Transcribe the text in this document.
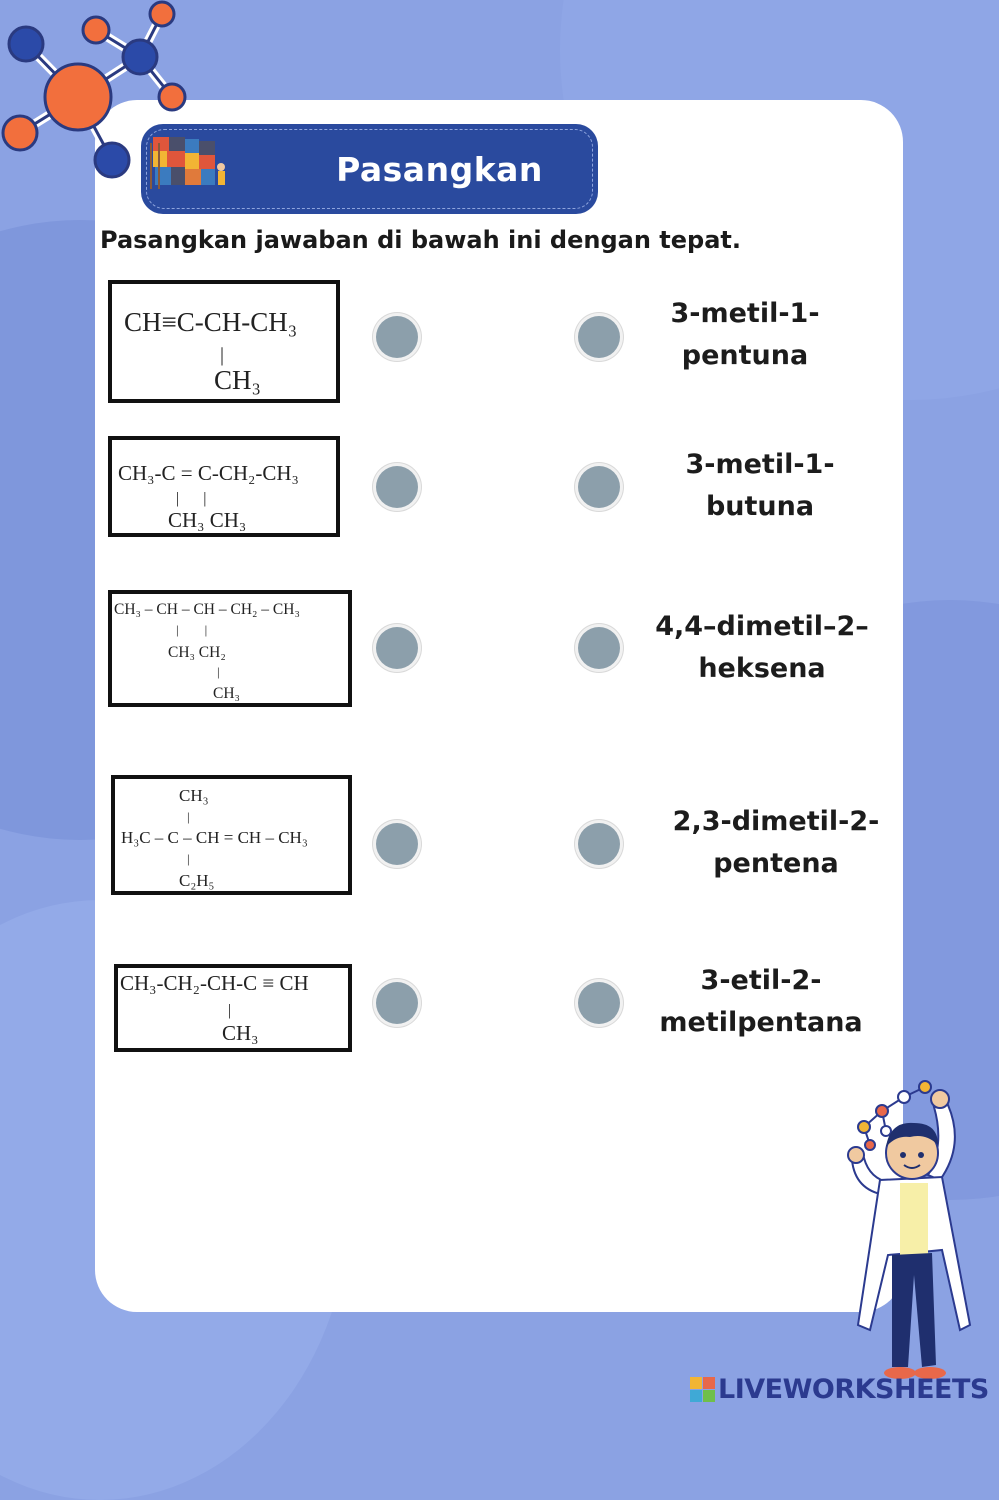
Pasangkan
Pasangkan jawaban di bawah ini dengan tepat.
CH≡C-CH-CH₃
|
CH₃
CH₃-C = C-CH₂-CH₃
|      |
CH₃ CH₃
CH₃ – CH – CH – CH₂ – CH₃
|        |
CH₃ CH₂
|
CH₃
CH₃
|
H₃C – C – CH = CH – CH₃
|
C₂H₅
CH₃-CH₂-CH-C ≡ CH
|
CH₃
3-metil-1-
pentuna
3-metil-1-
butuna
4,4–dimetil–2–
heksena
2,3-dimetil-2-
pentena
3-etil-2-
metilpentana
LIVEWORKSHEETS
